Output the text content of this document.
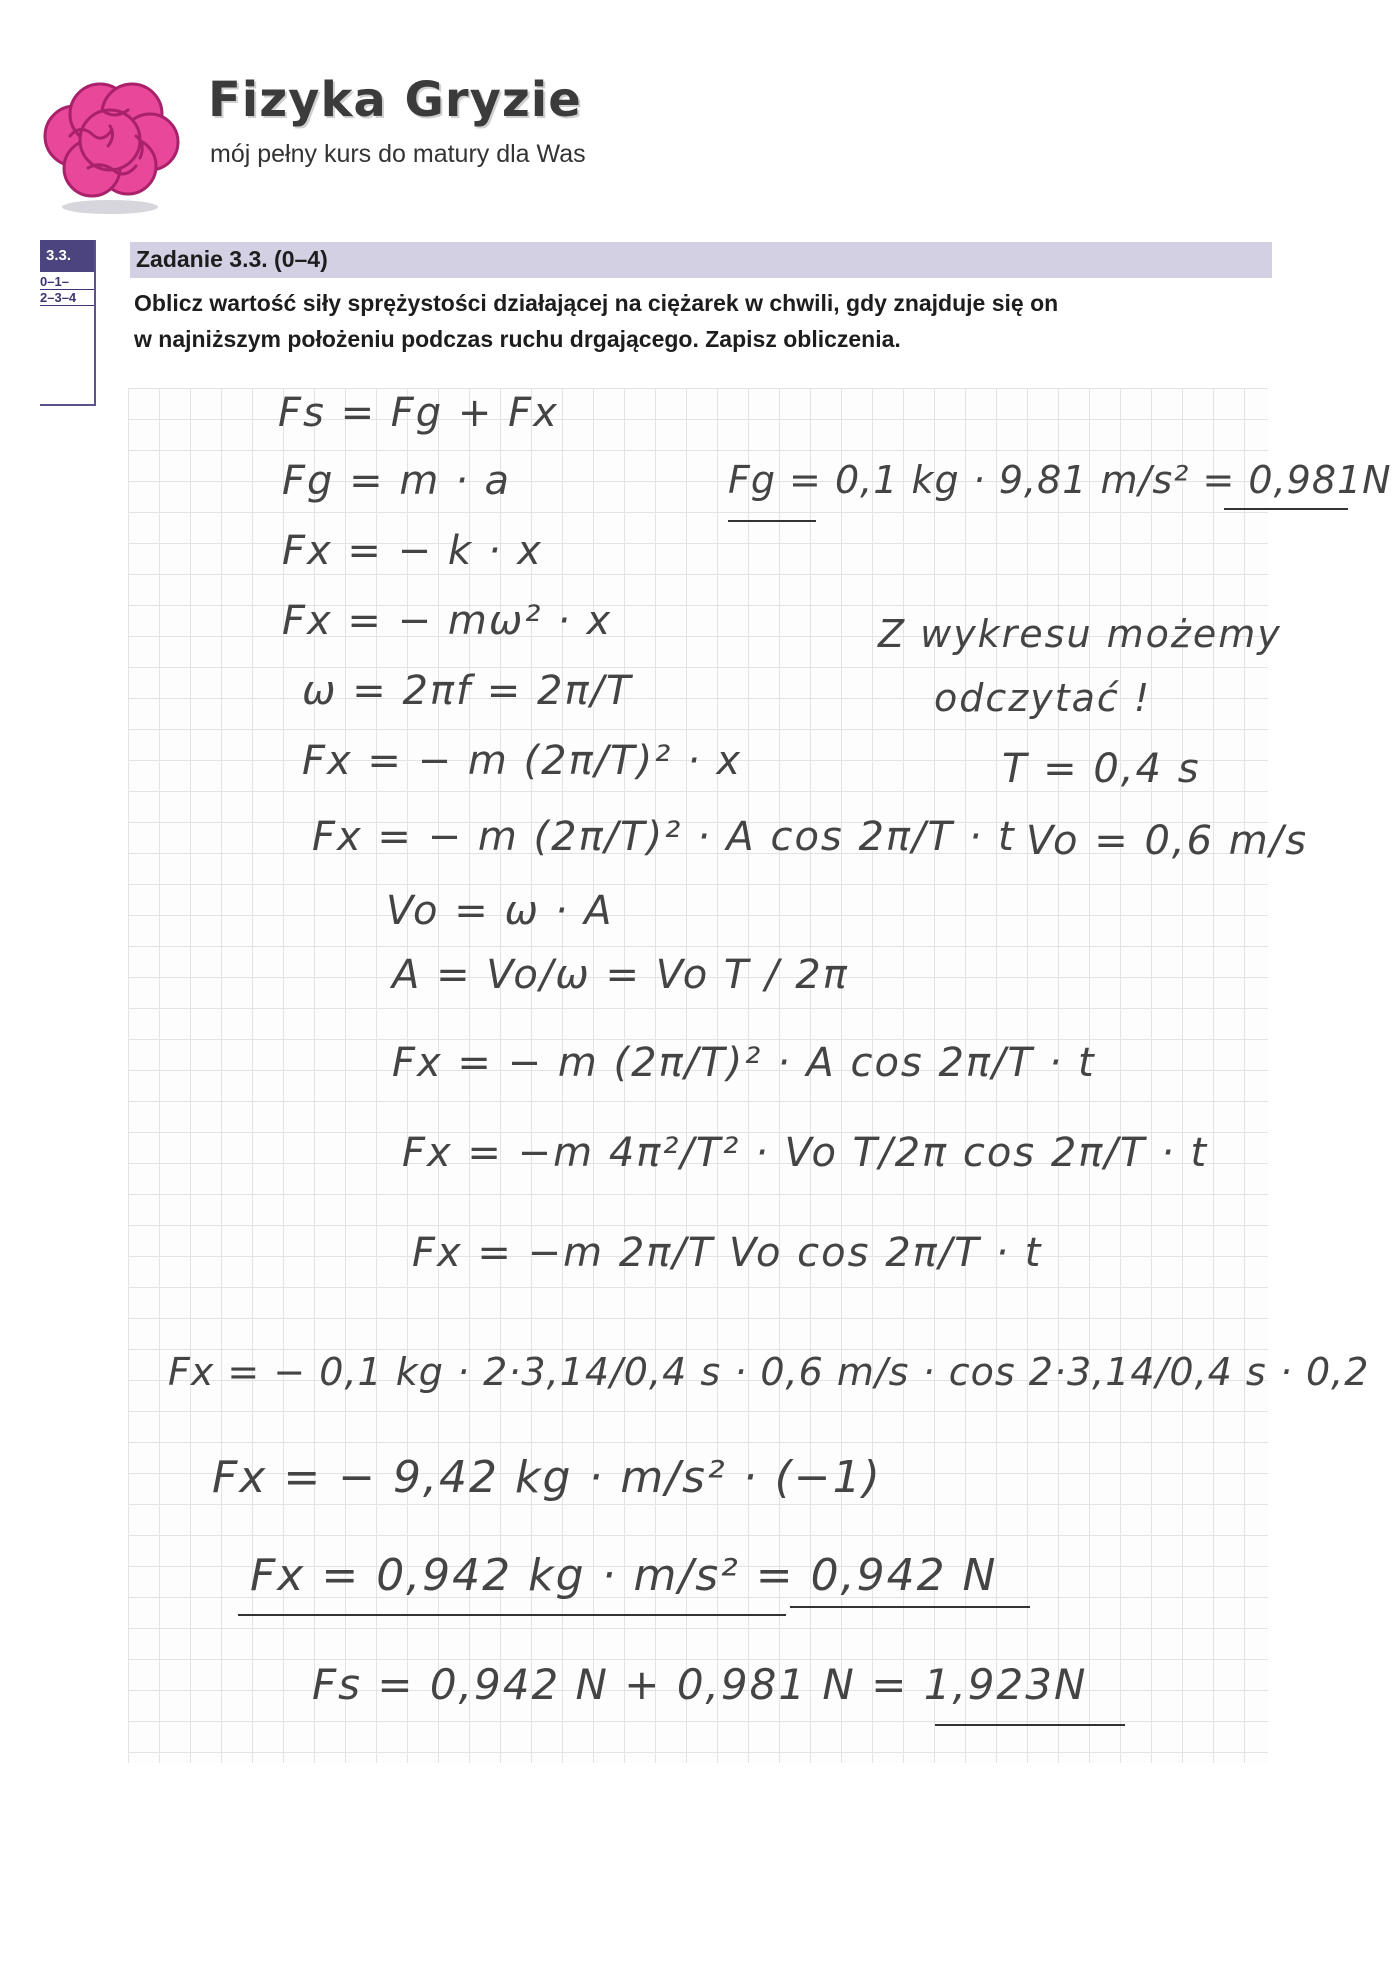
Fizyka Gryzie
mój pełny kurs do matury dla Was
3.3.
0–1–
2–3–4
Zadanie 3.3. (0–4)
Oblicz wartość siły sprężystości działającej na ciężarek w chwili, gdy znajduje się on
w najniższym położeniu podczas ruchu drgającego. Zapisz obliczenia.
Fs = Fg + Fx
Fg = m · a
Fx = − k · x
Fx = − mω² · x
ω = 2πf = 2π/T
Fx = − m (2π/T)² · x
Fx = − m (2π/T)² · A cos 2π/T · t
Vo = ω · A
A = Vo/ω = Vo T / 2π
Fx = − m (2π/T)² · A cos 2π/T · t
Fx = −m 4π²/T² · Vo T/2π cos 2π/T · t
Fx = −m 2π/T Vo cos 2π/T · t
Fx = − 0,1 kg · 2·3,14/0,4 s · 0,6 m/s · cos 2·3,14/0,4 s · 0,2
Fx = − 9,42 kg · m/s² · (−1)
Fx = 0,942 kg · m/s² = 0,942 N
Fs = 0,942 N + 0,981 N = 1,923N
Fg = 0,1 kg · 9,81 m/s² = 0,981N
Z wykresu możemy
odczytać !
T = 0,4 s
Vo = 0,6 m/s
